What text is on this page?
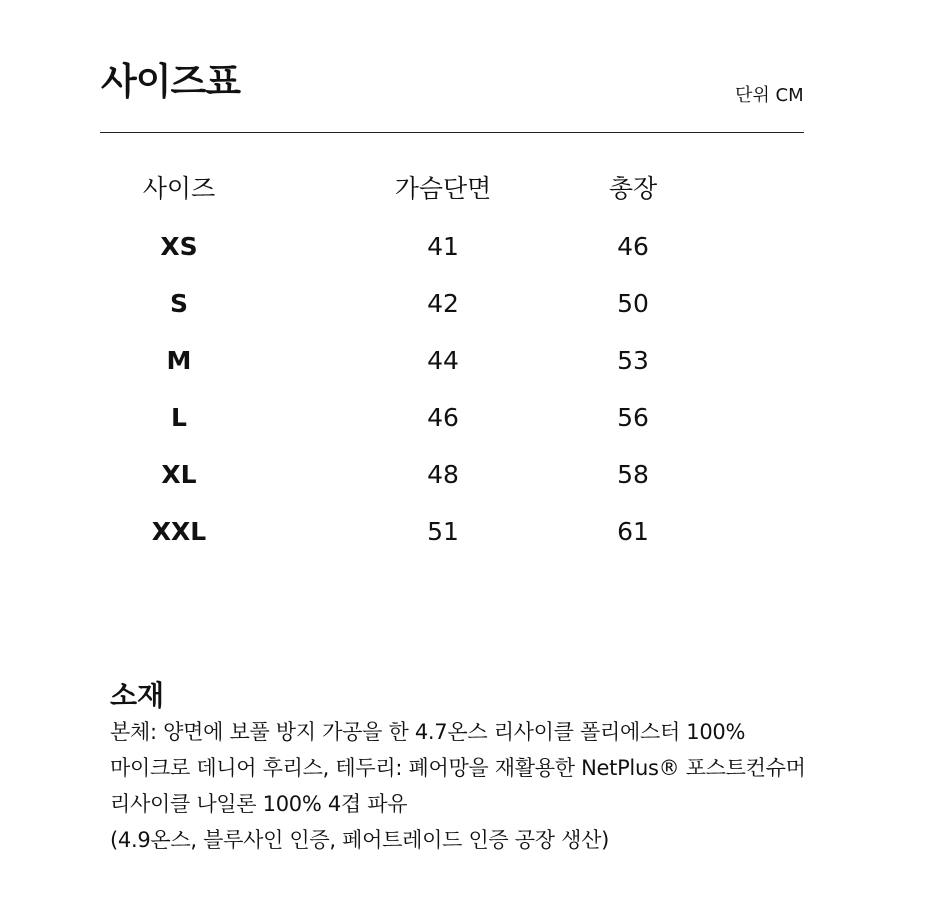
사이즈표	단위 CM
사이즈	가슴단면	총장
XS	41	46
S	42	50
M	44	53
L	46	56
XL	48	58
XXL	51	61
소재
본체: 양면에 보풀 방지 가공을 한 4.7온스 리사이클 폴리에스터 100%
마이크로 데니어 후리스, 테두리: 폐어망을 재활용한 NetPlus® 포스트컨슈머
리사이클 나일론 100% 4겹 파유
(4.9온스, 블루사인 인증, 페어트레이드 인증 공장 생산)
